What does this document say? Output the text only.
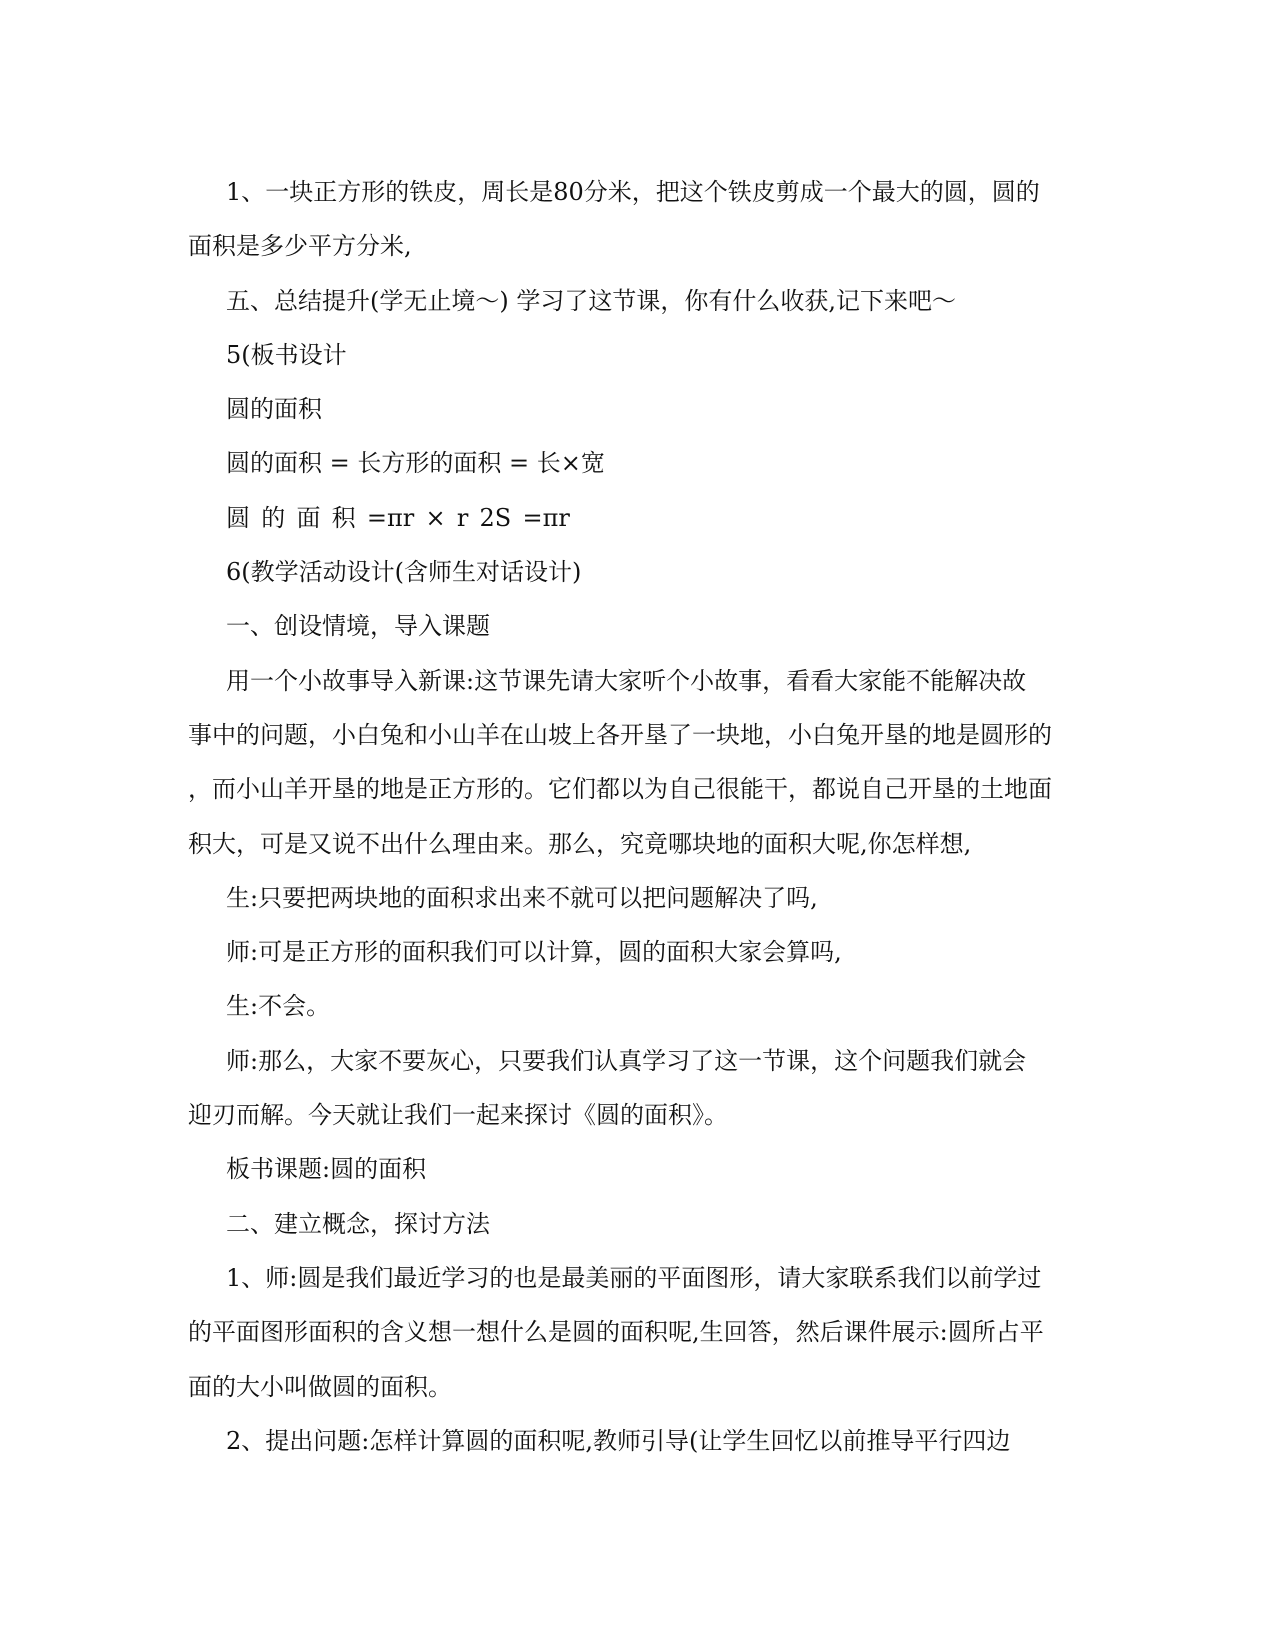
1、一块正方形的铁皮，周长是80分米，把这个铁皮剪成一个最大的圆，圆的
面积是多少平方分米,
五、总结提升(学无止境～) 学习了这节课，你有什么收获,记下来吧～
5(板书设计
圆的面积
圆的面积 = 长方形的面积 = 长×宽
圆 的 面 积 =πr × r 2S =πr
6(教学活动设计(含师生对话设计)
一、创设情境，导入课题
用一个小故事导入新课:这节课先请大家听个小故事，看看大家能不能解决故
事中的问题，小白兔和小山羊在山坡上各开垦了一块地，小白兔开垦的地是圆形的
，而小山羊开垦的地是正方形的。它们都以为自己很能干，都说自己开垦的土地面
积大，可是又说不出什么理由来。那么，究竟哪块地的面积大呢,你怎样想,
生:只要把两块地的面积求出来不就可以把问题解决了吗,
师:可是正方形的面积我们可以计算，圆的面积大家会算吗,
生:不会。
师:那么，大家不要灰心，只要我们认真学习了这一节课，这个问题我们就会
迎刃而解。今天就让我们一起来探讨《圆的面积》。
板书课题:圆的面积
二、建立概念，探讨方法
1、师:圆是我们最近学习的也是最美丽的平面图形，请大家联系我们以前学过
的平面图形面积的含义想一想什么是圆的面积呢,生回答，然后课件展示:圆所占平
面的大小叫做圆的面积。
2、提出问题:怎样计算圆的面积呢,教师引导(让学生回忆以前推导平行四边
